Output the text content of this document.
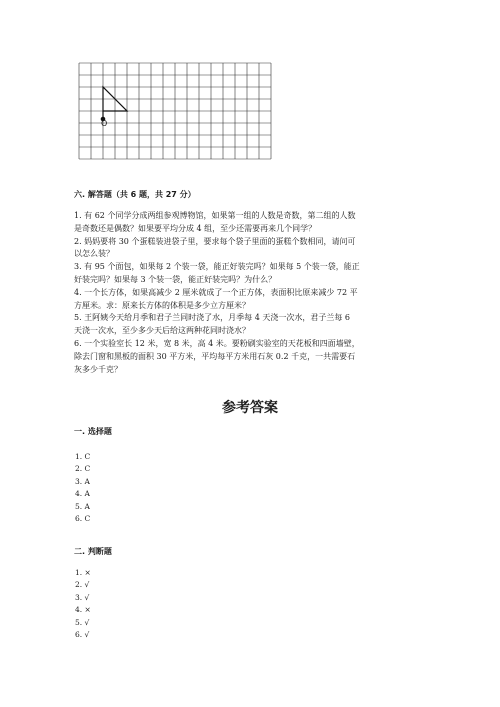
O
六. 解答题（共 6 题，共 27 分）
1. 有 62 个同学分成两组参观博物馆，如果第一组的人数是奇数，第二组的人数
是奇数还是偶数？如果要平均分成 4 组，至少还需要再来几个同学？
2. 妈妈要将 30 个蛋糕装进袋子里，要求每个袋子里面的蛋糕个数相同，请问可
以怎么装？
3. 有 95 个面包，如果每 2 个装一袋，能正好装完吗？如果每 5 个装一袋，能正
好装完吗？如果每 3 个装一袋，能正好装完吗？为什么？
4. 一个长方体，如果高减少 2 厘米就成了一个正方体，表面积比原来减少 72 平
方厘米。求：原来长方体的体积是多少立方厘米？
5. 王阿姨今天给月季和君子兰同时浇了水，月季每 4 天浇一次水，君子兰每 6
天浇一次水，至少多少天后给这两种花同时浇水？
6. 一个实验室长 12 米，宽 8 米，高 4 米。要粉刷实验室的天花板和四面墙壁，
除去门窗和黑板的面积 30 平方米，平均每平方米用石灰 0.2 千克，一共需要石
灰多少千克？
参考答案
一. 选择题
1. C
2. C
3. A
4. A
5. A
6. C
二. 判断题
1. ×
2. √
3. √
4. ×
5. √
6. √
